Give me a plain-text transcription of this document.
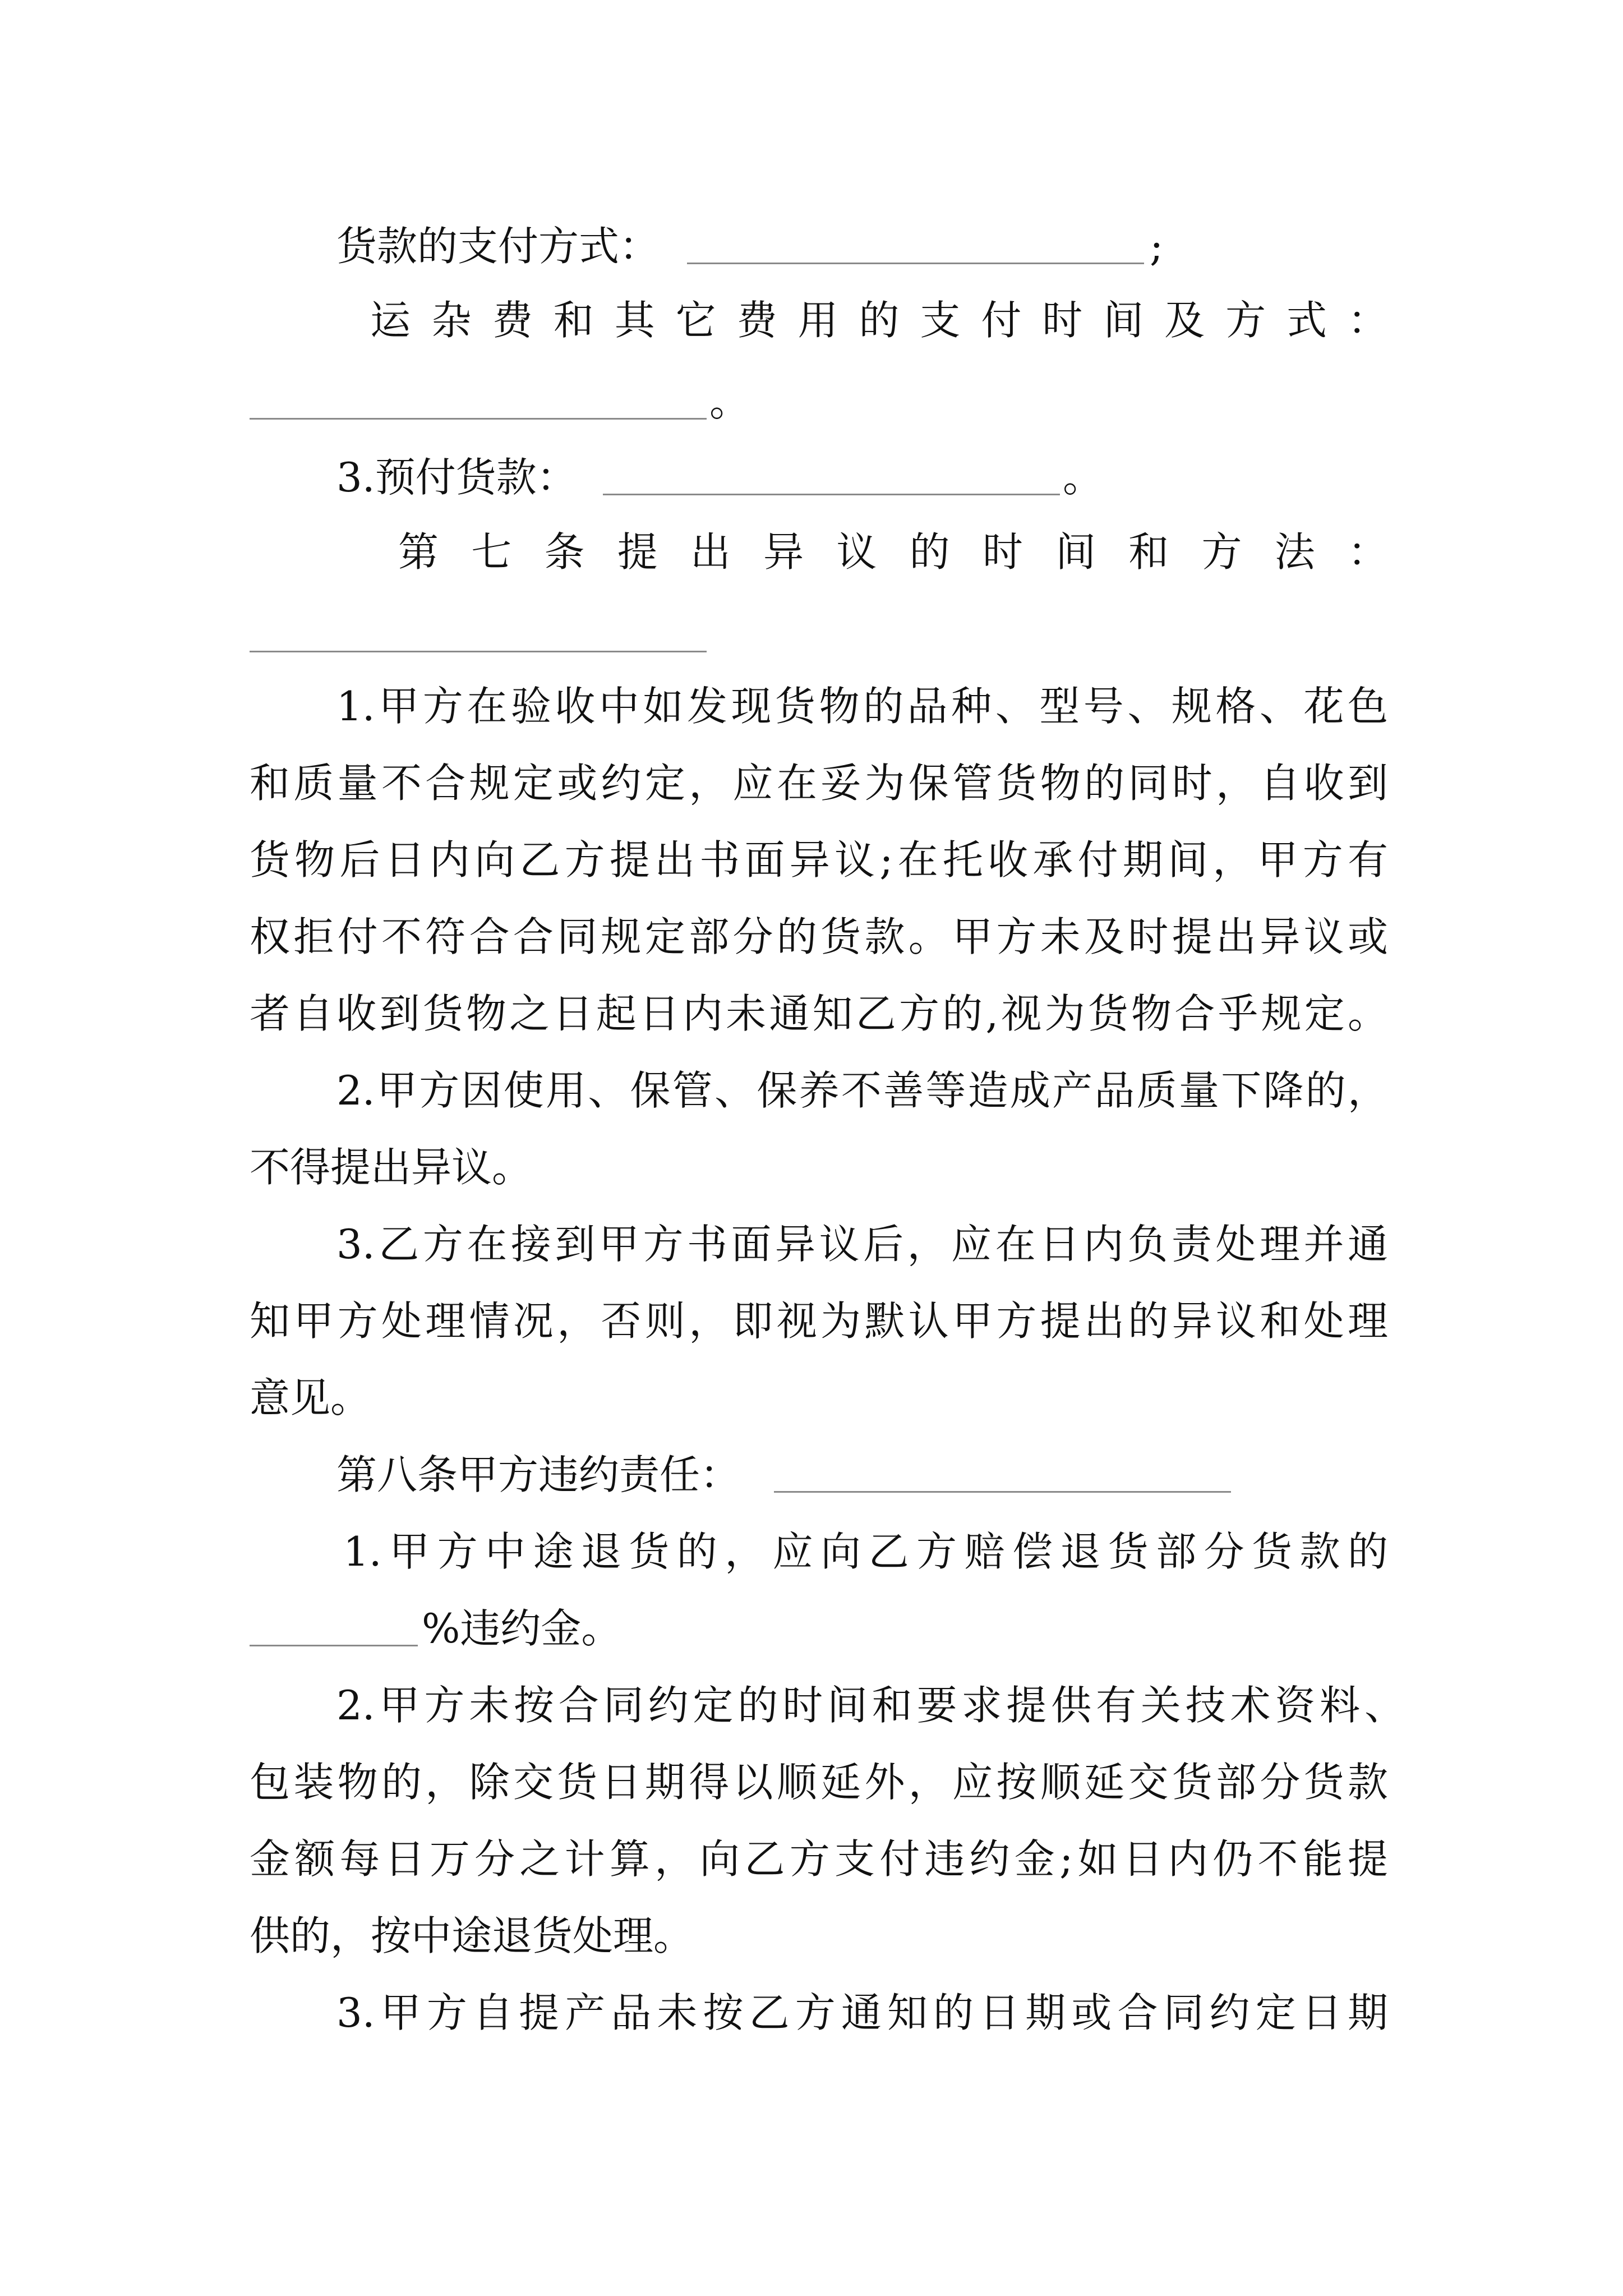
货款的支付方式：	;
运杂费和其它费用的支付时间及方式：
。
3.预付货款：	。
第七条提出异议的时间和方法：
1.甲方在验收中如发现货物的品种、型号、规格、花色
和质量不合规定或约定，应在妥为保管货物的同时，自收到
货物后日内向乙方提出书面异议;在托收承付期间，甲方有
权拒付不符合合同规定部分的货款。甲方未及时提出异议或
者自收到货物之日起日内未通知乙方的,视为货物合乎规定。
2.甲方因使用、保管、保养不善等造成产品质量下降的，
不得提出异议。
3.乙方在接到甲方书面异议后，应在日内负责处理并通
知甲方处理情况，否则，即视为默认甲方提出的异议和处理
意见。
第八条甲方违约责任：
1.甲方中途退货的，应向乙方赔偿退货部分货款的
%违约金。
2.甲方未按合同约定的时间和要求提供有关技术资料、
包装物的，除交货日期得以顺延外，应按顺延交货部分货款
金额每日万分之计算，向乙方支付违约金;如日内仍不能提
供的，按中途退货处理。
3.甲方自提产品未按乙方通知的日期或合同约定日期
